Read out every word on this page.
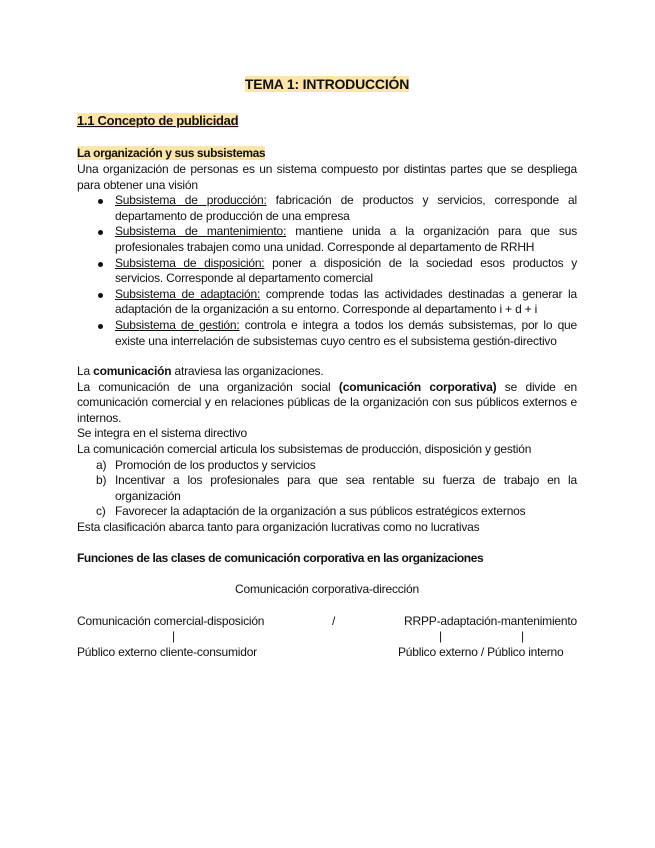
TEMA 1: INTRODUCCIÓN
1.1 Concepto de publicidad
La organización y sus subsistemas
Una organización de personas es un sistema compuesto por distintas partes que se despliega para obtener una visión
Subsistema de producción: fabricación de productos y servicios, corresponde al departamento de producción de una empresa
Subsistema de mantenimiento: mantiene unida a la organización para que sus profesionales trabajen como una unidad. Corresponde al departamento de RRHH
Subsistema de disposición: poner a disposición de la sociedad esos productos y servicios. Corresponde al departamento comercial
Subsistema de adaptación: comprende todas las actividades destinadas a generar la adaptación de la organización a su entorno. Corresponde al departamento i + d + i
Subsistema de gestión: controla e integra a todos los demás subsistemas, por lo que existe una interrelación de subsistemas cuyo centro es el subsistema gestión-directivo
La comunicación atraviesa las organizaciones.
La comunicación de una organización social (comunicación corporativa) se divide en comunicación comercial y en relaciones públicas de la organización con sus públicos externos e internos.
Se integra en el sistema directivo
La comunicación comercial articula los subsistemas de producción, disposición y gestión
a) Promoción de los productos y servicios
b) Incentivar a los profesionales para que sea rentable su fuerza de trabajo en la organización
c) Favorecer la adaptación de la organización a sus públicos estratégicos externos
Esta clasificación abarca tanto para organización lucrativas como no lucrativas
Funciones de las clases de comunicación corporativa en las organizaciones
Comunicación corporativa-dirección
Comunicación comercial-disposición	/	RRPP-adaptación-mantenimiento
|	|	|
Público externo cliente-consumidor	Público externo / Público interno
